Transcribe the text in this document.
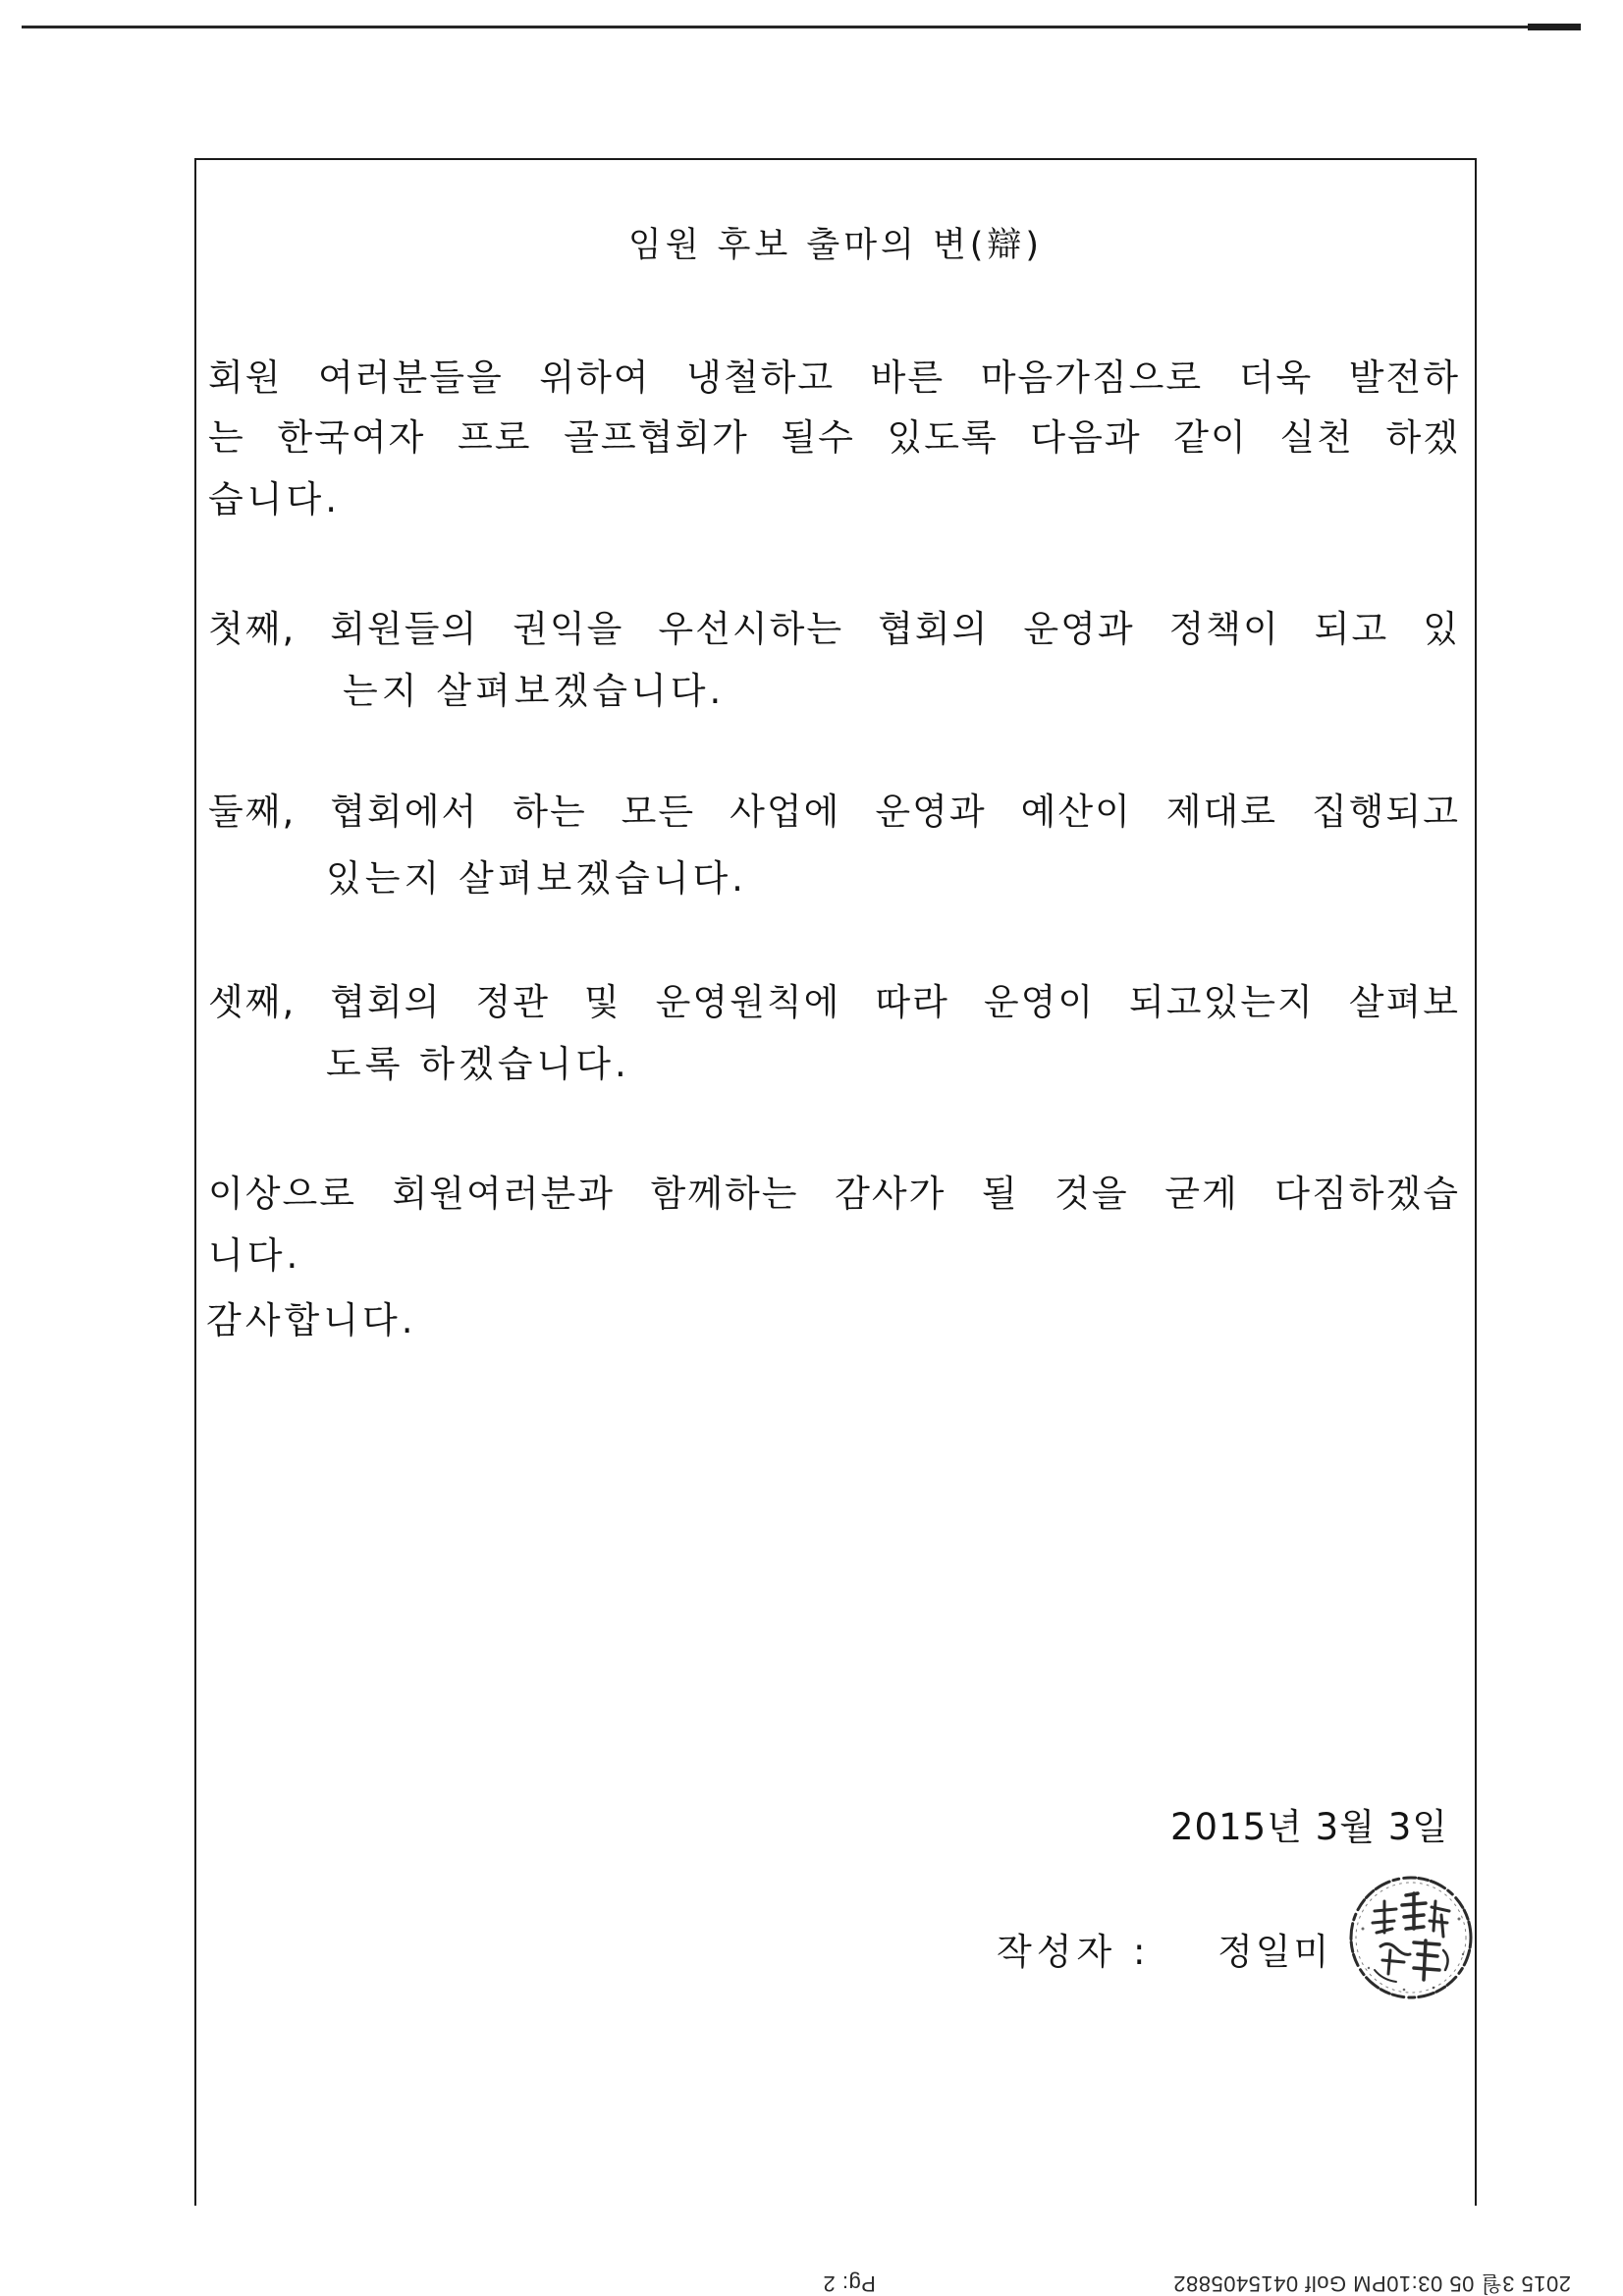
임원 후보 출마의 변(辯)
회원 여러분들을 위하여 냉철하고 바른 마음가짐으로 더욱 발전하
는 한국여자 프로 골프협회가 될수 있도록 다음과 같이 실천 하겠
습니다.
첫째, 회원들의 권익을 우선시하는 협회의 운영과 정책이 되고 있
는지 살펴보겠습니다.
둘째, 협회에서 하는 모든 사업에 운영과 예산이 제대로 집행되고
있는지 살펴보겠습니다.
셋째, 협회의 정관 및 운영원칙에 따라 운영이 되고있는지 살펴보
도록 하겠습니다.
이상으로 회원여러분과 함께하는 감사가 될 것을 굳게 다짐하겠습
니다.
감사합니다.
2015년 3월 3일
작성자 : 정일미
2015 3월 05 03:10PM Golf 0415405882
Pg: 2
